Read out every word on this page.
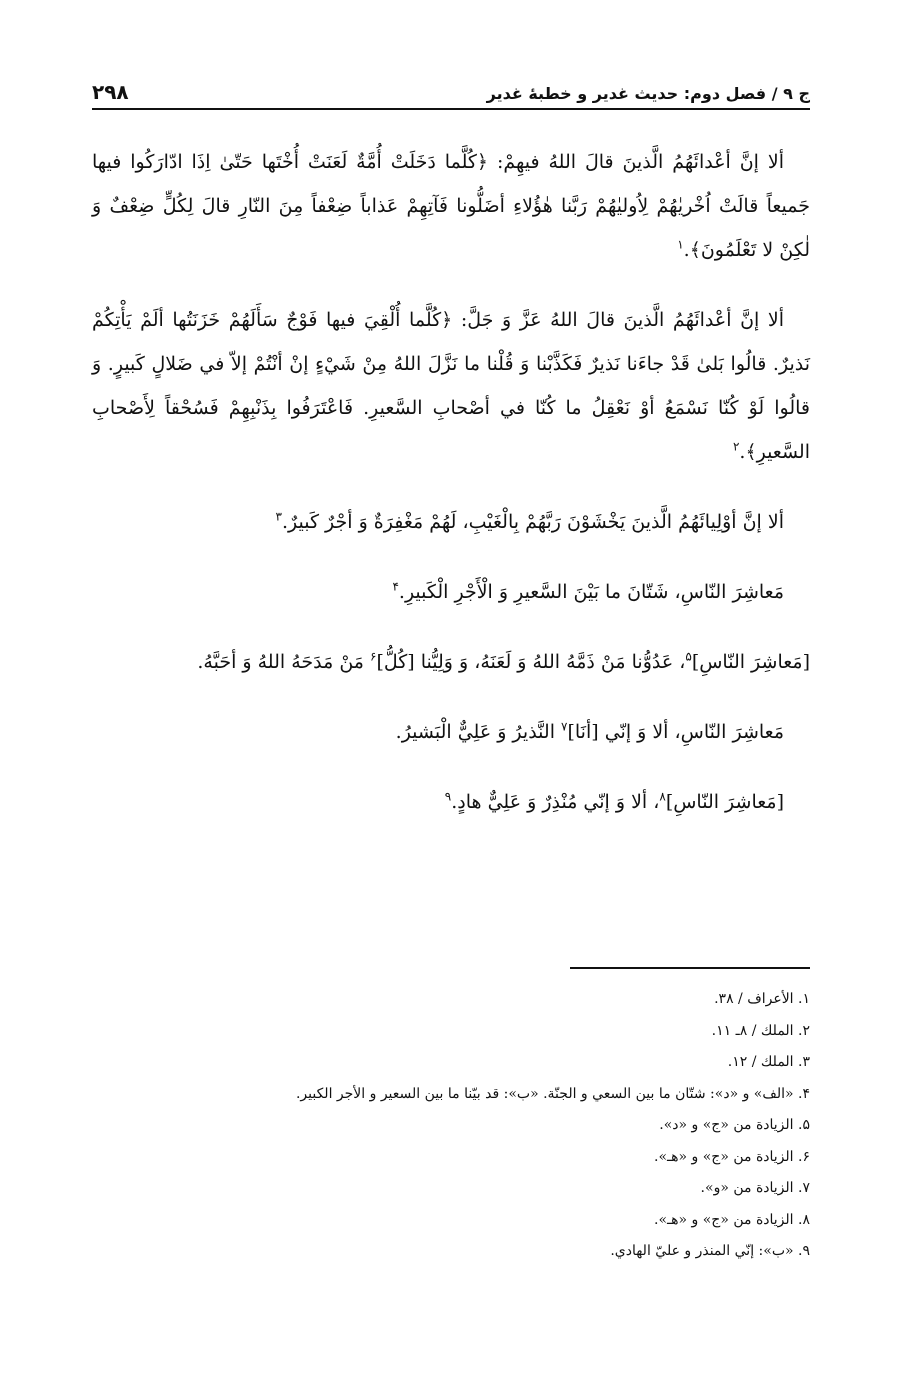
ج ۹ / فصل دوم: حديث غدير و خطبهٔ غدير
۲۹۸

ألا إنَّ أعْدائَهُمُ الَّذينَ قالَ اللهُ فيهِمْ: ﴿كُلَّما دَخَلَتْ أُمَّةٌ لَعَنَتْ أُخْتَها حَتّىٰ اِذَا ادّارَكُوا فيها جَميعاً قالَتْ اُخْريٰهُمْ لِاُوليٰهُمْ رَبَّنا هٰؤُلاءِ أضَلُّونا فَآتِهِمْ عَذاباً ضِعْفاً مِنَ النّارِ قالَ لِكُلٍّ ضِعْفٌ وَ لٰكِنْ لا تَعْلَمُونَ﴾.$^١$

ألا إنَّ أعْدائَهُمُ الَّذينَ قالَ اللهُ عَزَّ وَ جَلَّ: ﴿كُلَّما أُلْقِيَ فيها فَوْجٌ سَأَلَهُمْ خَزَنَتُها ألَمْ يَأْتِكُمْ نَذيرٌ. قالُوا بَلىٰ قَدْ جاءَنا نَذيرٌ فَكَذَّبْنا وَ قُلْنا ما نَزَّلَ اللهُ مِنْ شَيْ‌ءٍ إنْ أنْتُمْ إلاّ في ضَلالٍ كَبيرٍ. وَ قالُوا لَوْ كُنّا نَسْمَعُ أوْ نَعْقِلُ ما كُنّا في أصْحابِ السَّعيرِ. فَاعْتَرَفُوا بِذَنْبِهِمْ فَسُحْقاً لِأَصْحابِ السَّعيرِ﴾.$^٢$

ألا إنَّ أوْلِيائَهُمُ الَّذينَ يَخْشَوْنَ رَبَّهُمْ بِالْغَيْبِ، لَهُمْ مَغْفِرَةٌ وَ أجْرٌ كَبيرٌ.$^٣$

مَعاشِرَ النّاسِ، شَتّانَ ما بَيْنَ السَّعيرِ وَ الْأَجْرِ الْكَبيرِ.$^۴$

[مَعاشِرَ النّاسِ]$^۵$، عَدُوُّنا مَنْ ذَمَّهُ اللهُ وَ لَعَنَهُ، وَ وَلِيُّنا [كُلُّ]$^۶$ مَنْ مَدَحَهُ اللهُ وَ أحَبَّهُ.

مَعاشِرَ النّاسِ، ألا وَ إنّي [أنَا]$^٧$ النَّذيرُ وَ عَلِيٌّ الْبَشيرُ.

[مَعاشِرَ النّاسِ]$^٨$، ألا وَ إنّي مُنْذِرٌ وَ عَلِيٌّ هادٍ.$^٩$

١. الأعراف / ٣٨.
٢. الملك / ٨ـ ١١.
٣. الملك / ١٢.
۴. «الف» و «د»: شتّان ما بين السعي و الجنّة. «ب»: قد بيّنا ما بين السعير و الأجر الكبير.
۵. الزيادة من «ج» و «د».
۶. الزيادة من «ج» و «هـ».
٧. الزيادة من «و».
٨. الزيادة من «ج» و «هـ».
٩. «ب»: إنّي المنذر و عليّ الهادي.
